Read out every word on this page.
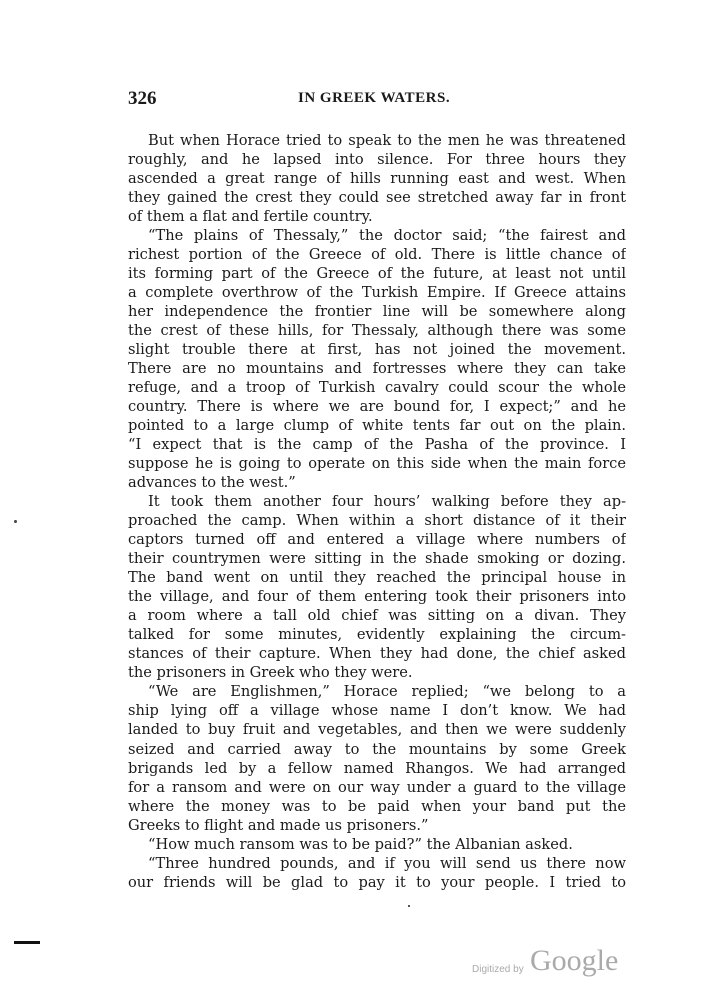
326	IN GREEK WATERS.
But when Horace tried to speak to the men he was threatened
roughly, and he lapsed into silence. For three hours they
ascended a great range of hills running east and west. When
they gained the crest they could see stretched away far in front
of them a flat and fertile country.
“The plains of Thessaly,” the doctor said; “the fairest and
richest portion of the Greece of old. There is little chance of
its forming part of the Greece of the future, at least not until
a complete overthrow of the Turkish Empire. If Greece attains
her independence the frontier line will be somewhere along
the crest of these hills, for Thessaly, although there was some
slight trouble there at first, has not joined the movement.
There are no mountains and fortresses where they can take
refuge, and a troop of Turkish cavalry could scour the whole
country. There is where we are bound for, I expect;” and he
pointed to a large clump of white tents far out on the plain.
“I expect that is the camp of the Pasha of the province. I
suppose he is going to operate on this side when the main force
advances to the west.”
It took them another four hours’ walking before they ap-
proached the camp. When within a short distance of it their
captors turned off and entered a village where numbers of
their countrymen were sitting in the shade smoking or dozing.
The band went on until they reached the principal house in
the village, and four of them entering took their prisoners into
a room where a tall old chief was sitting on a divan. They
talked for some minutes, evidently explaining the circum-
stances of their capture. When they had done, the chief asked
the prisoners in Greek who they were.
“We are Englishmen,” Horace replied; “we belong to a
ship lying off a village whose name I don’t know. We had
landed to buy fruit and vegetables, and then we were suddenly
seized and carried away to the mountains by some Greek
brigands led by a fellow named Rhangos. We had arranged
for a ransom and were on our way under a guard to the village
where the money was to be paid when your band put the
Greeks to flight and made us prisoners.”
“How much ransom was to be paid?” the Albanian asked.
“Three hundred pounds, and if you will send us there now
our friends will be glad to pay it to your people. I tried to
Digitized by Google
